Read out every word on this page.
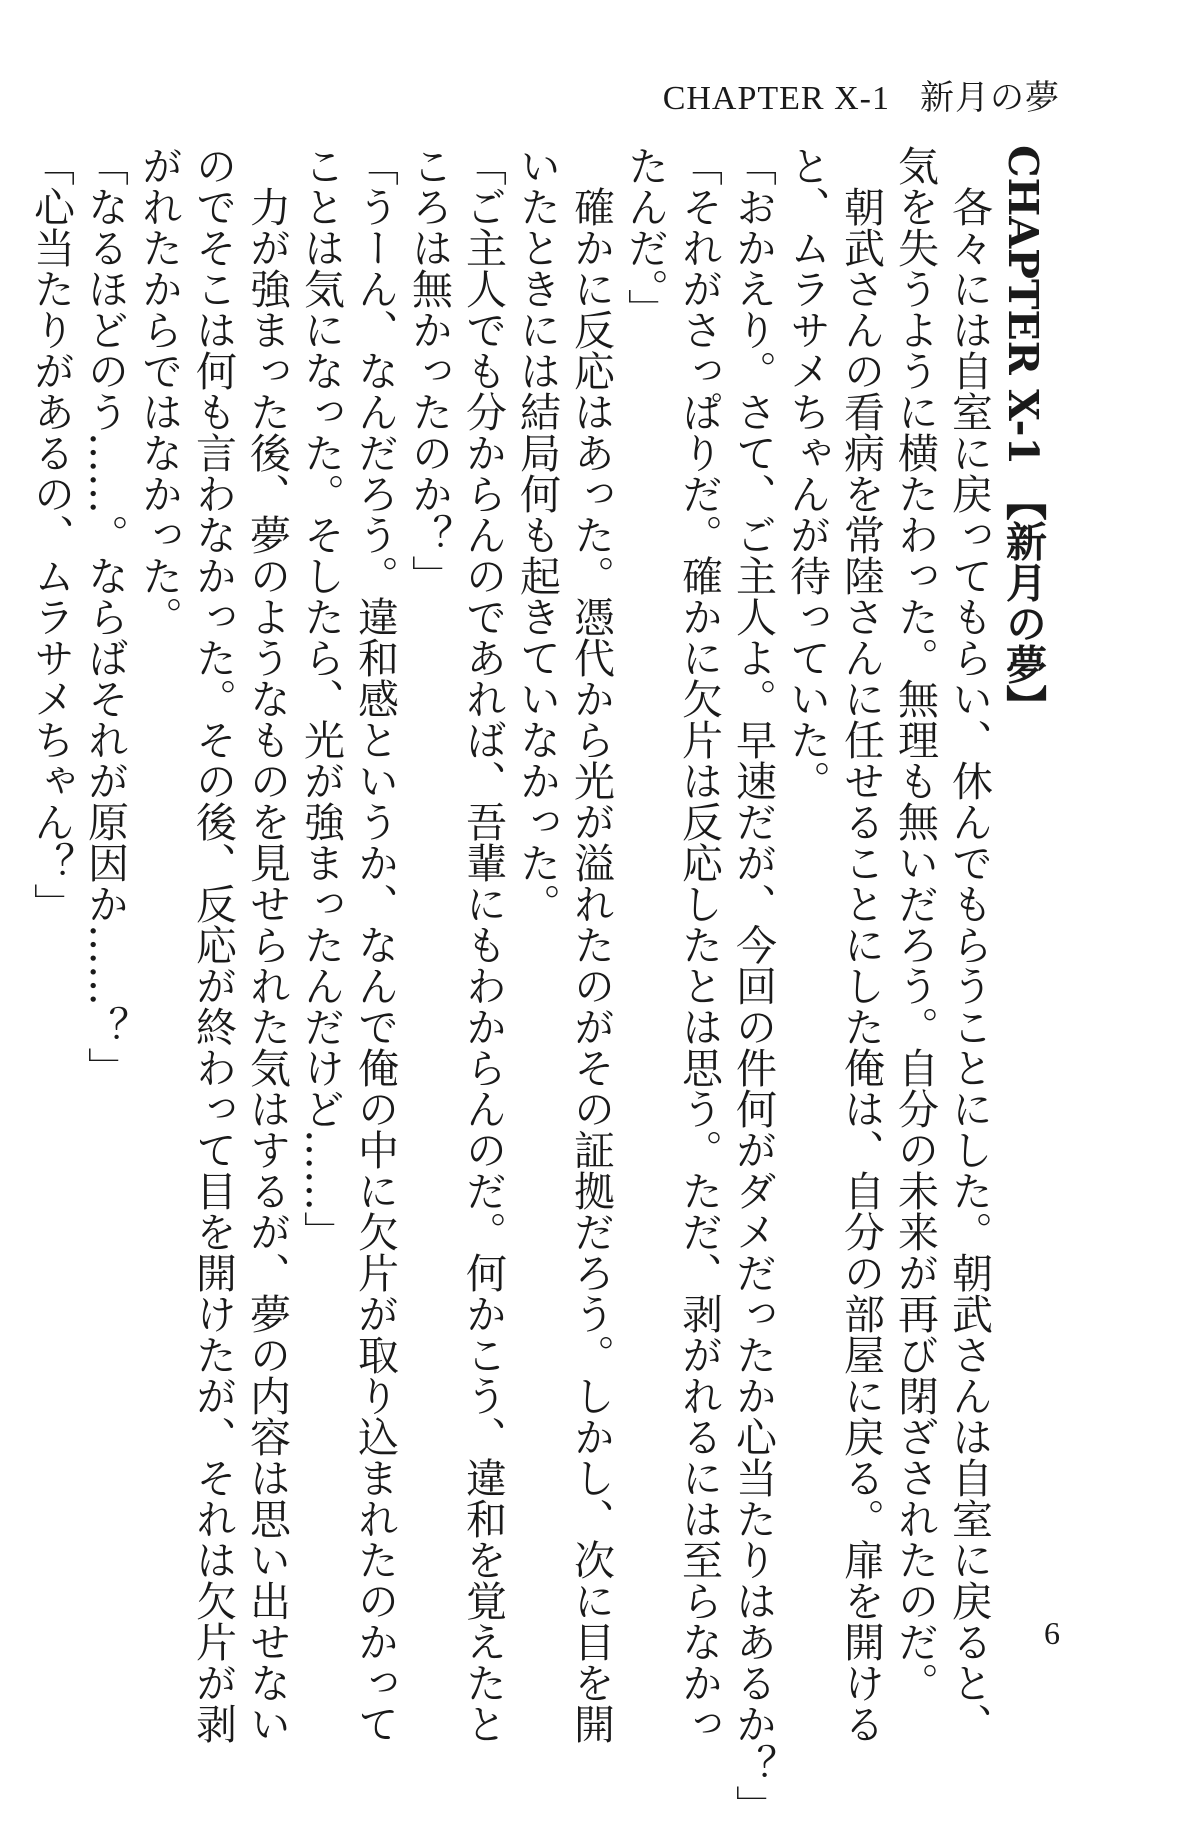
CHAPTER X-1 新月の夢
CHAPTER X-1 【新月の夢】
　各々には自室に戻ってもらい、休んでもらうことにした。朝武さんは自室に戻ると、
気を失うように横たわった。無理も無いだろう。自分の未来が再び閉ざされたのだ。
　朝武さんの看病を常陸さんに任せることにした俺は、自分の部屋に戻る。扉を開ける
と、ムラサメちゃんが待っていた。
「おかえり。さて、ご主人よ。早速だが、今回の件何がダメだったか心当たりはあるか？」
「それがさっぱりだ。確かに欠片は反応したとは思う。ただ、剥がれるには至らなかっ
たんだ。」
　確かに反応はあった。憑代から光が溢れたのがその証拠だろう。しかし、次に目を開
いたときには結局何も起きていなかった。
「ご主人でも分からんのであれば、吾輩にもわからんのだ。何かこう、違和を覚えたと
ころは無かったのか？」
「うーん、なんだろう。違和感というか、なんで俺の中に欠片が取り込まれたのかって
ことは気になった。そしたら、光が強まったんだけど……」
　力が強まった後、夢のようなものを見せられた気はするが、夢の内容は思い出せない
のでそこは何も言わなかった。その後、反応が終わって目を開けたが、それは欠片が剥
がれたからではなかった。
「なるほどのう……。ならばそれが原因か……？」
「心当たりがあるの、ムラサメちゃん？」
6
